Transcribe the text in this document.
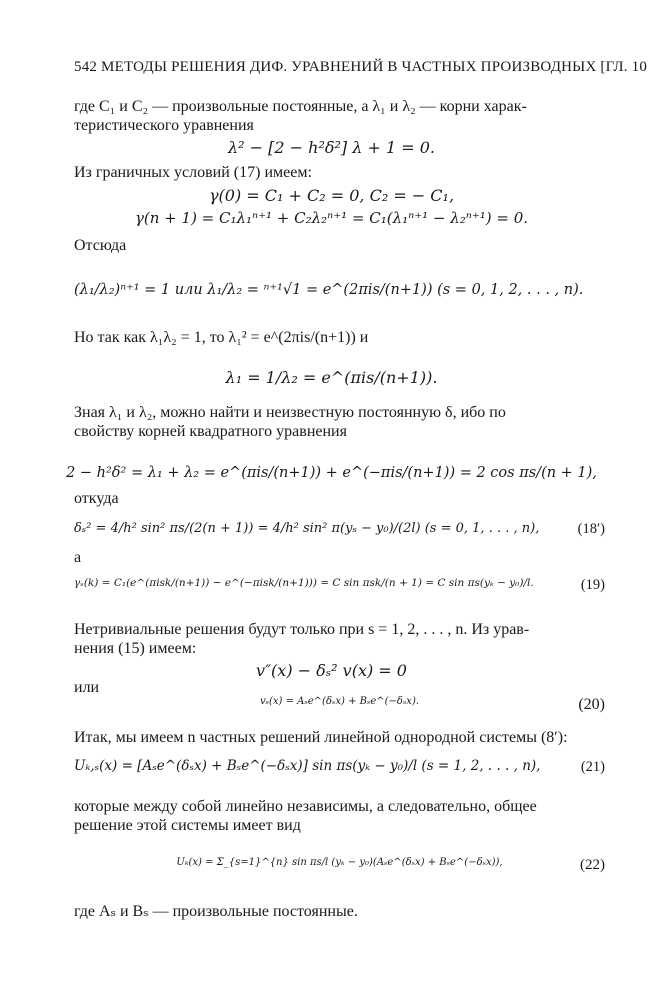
542 МЕТОДЫ РЕШЕНИЯ ДИФ. УРАВНЕНИЙ В ЧАСТНЫХ ПРОИЗВОДНЫХ [ГЛ. 10
где C₁ и C₂ — произвольные постоянные, а λ₁ и λ₂ — корни харак-
теристического уравнения
λ² − [2 − h²δ²] λ + 1 = 0.
Из граничных условий (17) имеем:
γ(0) = C₁ + C₂ = 0, C₂ = − C₁,
γ(n + 1) = C₁λ₁ⁿ⁺¹ + C₂λ₂ⁿ⁺¹ = C₁(λ₁ⁿ⁺¹ − λ₂ⁿ⁺¹) = 0.
Отсюда
(λ₁/λ₂)ⁿ⁺¹ = 1 или λ₁/λ₂ = ⁿ⁺¹√1 = e^(2πis/(n+1)) (s = 0, 1, 2, . . . , n).
Но так как λ₁λ₂ = 1, то λ₁² = e^(2πis/(n+1)) и
λ₁ = 1/λ₂ = e^(πis/(n+1)).
Зная λ₁ и λ₂, можно найти и неизвестную постоянную δ, ибо по
свойству корней квадратного уравнения
2 − h²δ² = λ₁ + λ₂ = e^(πis/(n+1)) + e^(−πis/(n+1)) = 2 cos πs/(n + 1),
откуда
δₛ² = 4/h² sin² πs/(2(n + 1)) = 4/h² sin² π(yₛ − y₀)/(2l) (s = 0, 1, . . . , n),	(18′)
а
γₛ(k) = C₁(e^(πisk/(n+1)) − e^(−πisk/(n+1))) = C sin πsk/(n + 1) = C sin πs(yₖ − y₀)/l.	(19)
Нетривиальные решения будут только при s = 1, 2, . . . , n. Из урав-
нения (15) имеем:
v″(x) − δₛ² v(x) = 0
или
vₛ(x) = Aₛe^(δₛx) + Bₛe^(−δₛx).	(20)
Итак, мы имеем n частных решений линейной однородной системы (8′):
Uₖ,ₛ(x) = [Aₛe^(δₛx) + Bₛe^(−δₛx)] sin πs(yₖ − y₀)/l (s = 1, 2, . . . , n),	(21)
которые между собой линейно независимы, а следовательно, общее
решение этой системы имеет вид
Uₖ(x) = Σ_{s=1}^{n} sin πs/l (yₖ − y₀)(Aₛe^(δₛx) + Bₛe^(−δₛx)),	(22)
где Aₛ и Bₛ — произвольные постоянные.
